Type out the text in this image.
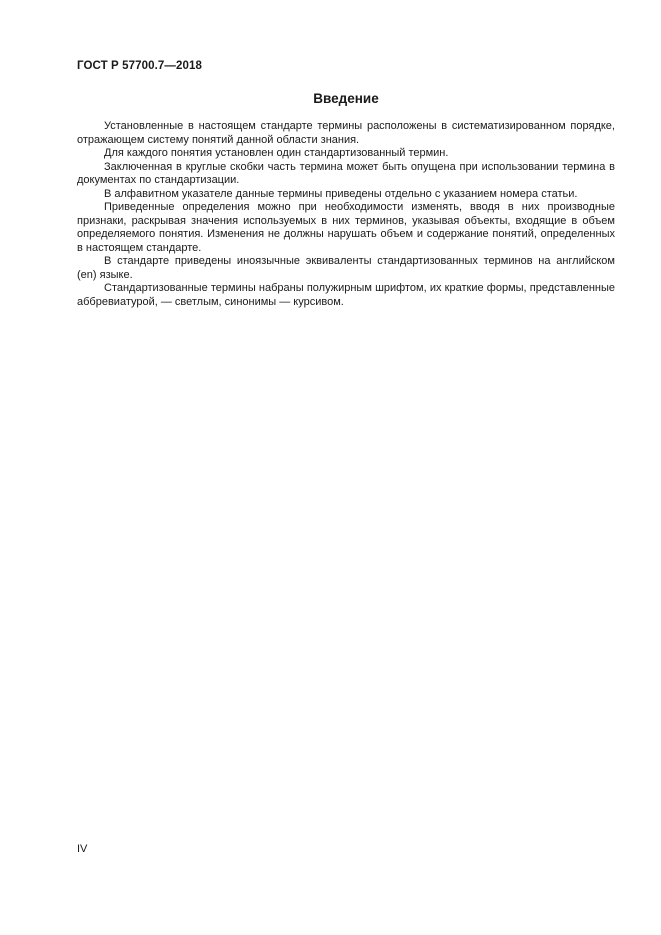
ГОСТ Р 57700.7—2018
Введение

Установленные в настоящем стандарте термины расположены в систематизированном порядке, отражающем систему понятий данной области знания.

Для каждого понятия установлен один стандартизованный термин.

Заключенная в круглые скобки часть термина может быть опущена при использовании термина в документах по стандартизации.

В алфавитном указателе данные термины приведены отдельно с указанием номера статьи.

Приведенные определения можно при необходимости изменять, вводя в них производные признаки, раскрывая значения используемых в них терминов, указывая объекты, входящие в объем определяемого понятия. Изменения не должны нарушать объем и содержание понятий, определенных в настоящем стандарте.

В стандарте приведены иноязычные эквиваленты стандартизованных терминов на английском (en) языке.

Стандартизованные термины набраны полужирным шрифтом, их краткие формы, представленные аббревиатурой, — светлым, синонимы — курсивом.

IV
